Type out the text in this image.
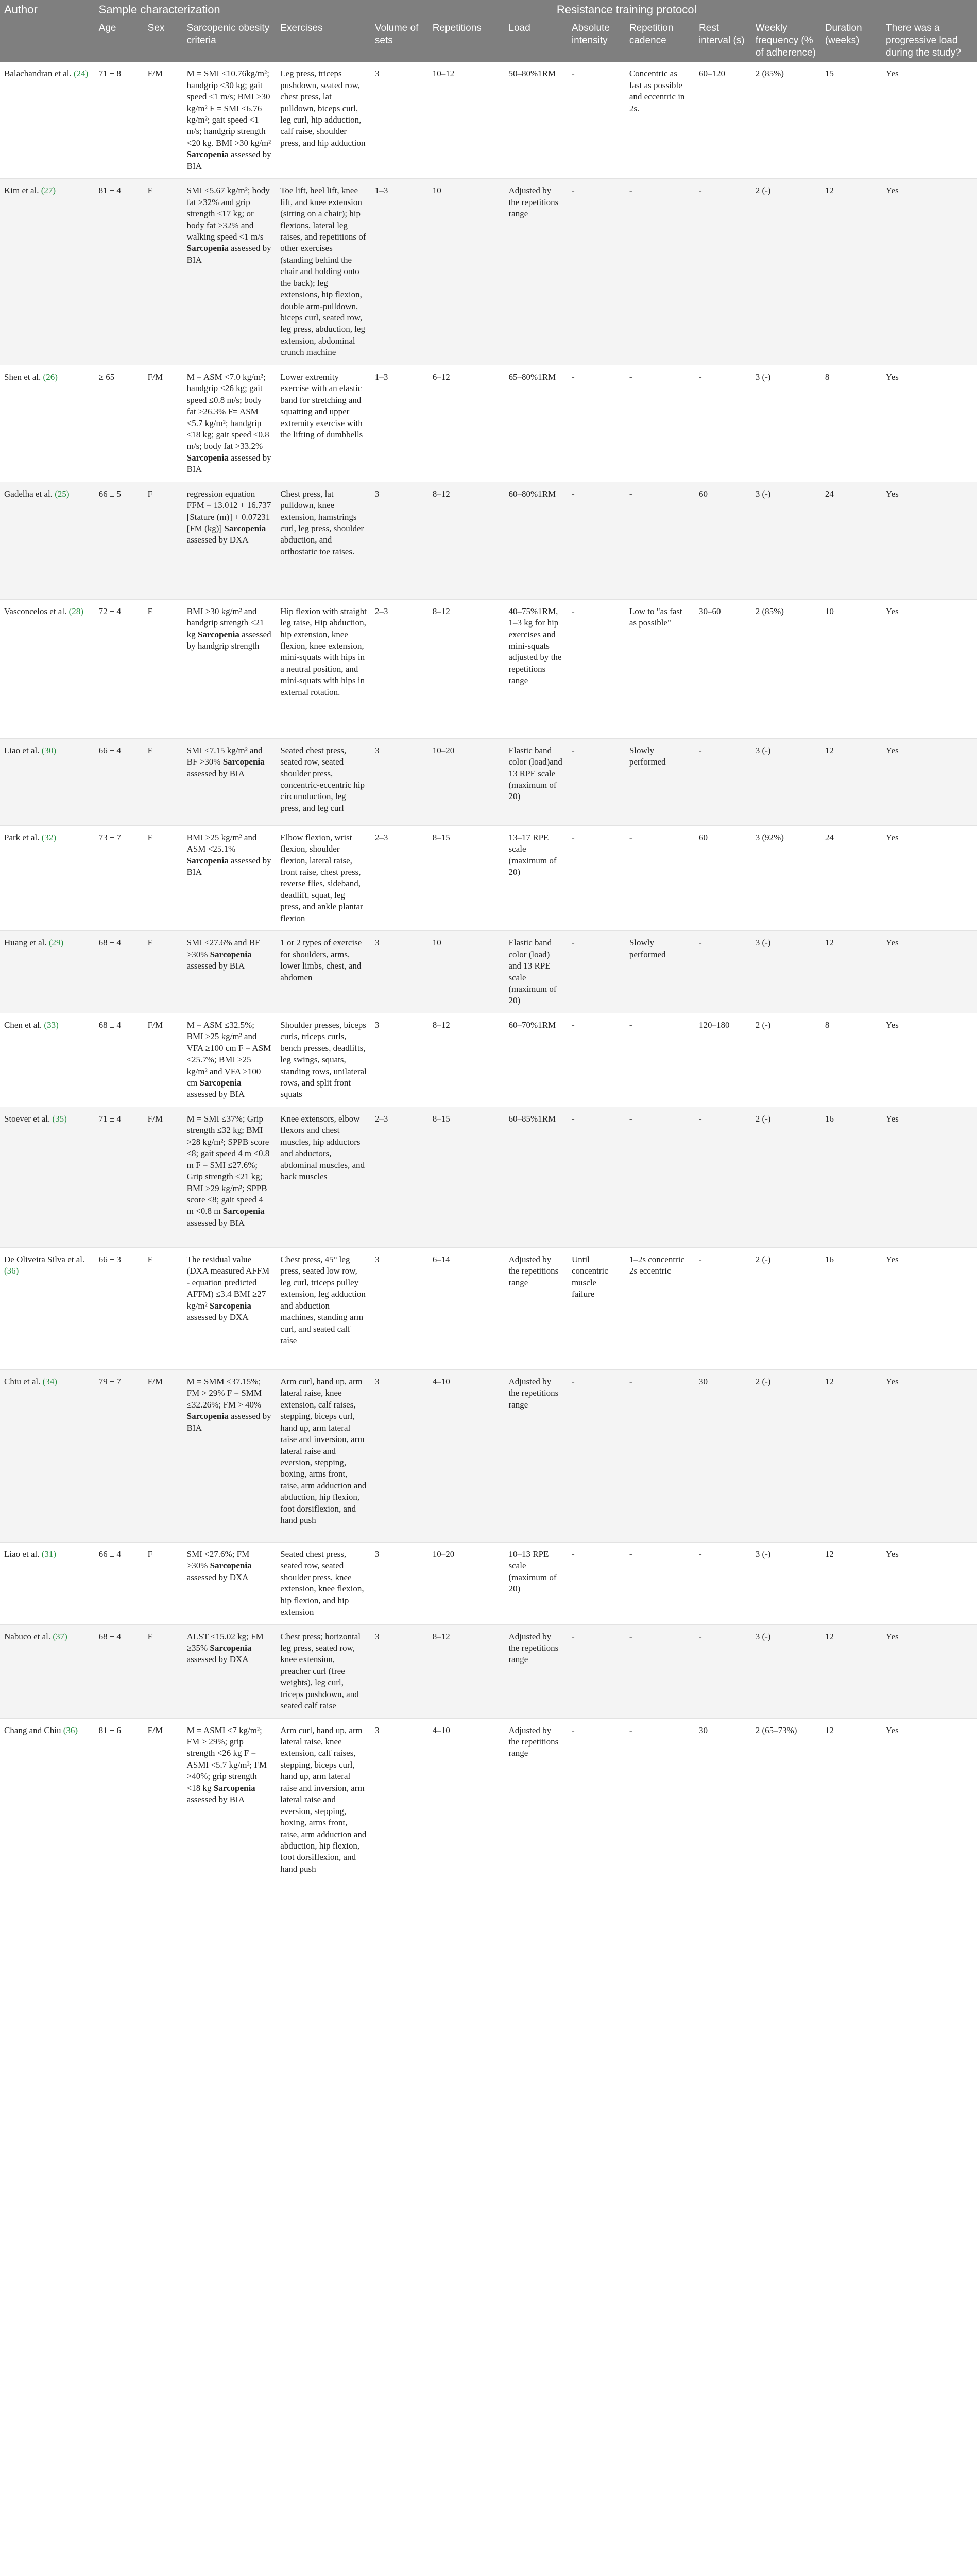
Author	Sample characterization			Resistance training protocol									
	Age	Sex	Sarcopenic obesity criteria	Exercises	Volume of sets	Repetitions	Load	Absolute intensity	Repetition cadence	Rest interval (s)	Weekly frequency (% of adherence)	Duration (weeks)	There was a progressive load during the study?
Balachandran et al. (24)	71 ± 8	F/M	M = SMI <10.76kg/m²; handgrip <30 kg; gait speed <1 m/s; BMI >30 kg/m² F = SMI <6.76 kg/m²; gait speed <1 m/s; handgrip strength <20 kg. BMI >30 kg/m² Sarcopenia assessed by BIA	Leg press, triceps pushdown, seated row, chest press, lat pulldown, biceps curl, leg curl, hip adduction, calf raise, shoulder press, and hip adduction	3	10–12	50–80%1RM	-	Concentric as fast as possible and eccentric in 2s.	60–120	2 (85%)	15	Yes
Kim et al. (27)	81 ± 4	F	SMI <5.67 kg/m²; body fat ≥32% and grip strength <17 kg; or body fat ≥32% and walking speed <1 m/s Sarcopenia assessed by BIA	Toe lift, heel lift, knee lift, and knee extension (sitting on a chair); hip flexions, lateral leg raises, and repetitions of other exercises (standing behind the chair and holding onto the back); leg extensions, hip flexion, double arm-pulldown, biceps curl, seated row, leg press, abduction, leg extension, abdominal crunch machine	1–3	10	Adjusted by the repetitions range	-	-	-	2 (-)	12	Yes
Shen et al. (26)	≥ 65	F/M	M = ASM <7.0 kg/m²; handgrip <26 kg; gait speed ≤0.8 m/s; body fat >26.3% F= ASM <5.7 kg/m²; handgrip <18 kg; gait speed ≤0.8 m/s; body fat >33.2% Sarcopenia assessed by BIA	Lower extremity exercise with an elastic band for stretching and squatting and upper extremity exercise with the lifting of dumbbells	1–3	6–12	65–80%1RM	-	-	-	3 (-)	8	Yes
Gadelha et al. (25)	66 ± 5	F	regression equation FFM = 13.012 + 16.737 [Stature (m)] + 0.07231 [FM (kg)] Sarcopenia assessed by DXA	Chest press, lat pulldown, knee extension, hamstrings curl, leg press, shoulder abduction, and orthostatic toe raises.	3	8–12	60–80%1RM	-	-	60	3 (-)	24	Yes
Vasconcelos et al. (28)	72 ± 4	F	BMI ≥30 kg/m² and handgrip strength ≤21 kg Sarcopenia assessed by handgrip strength	Hip flexion with straight leg raise, Hip abduction, hip extension, knee flexion, knee extension, mini-squats with hips in a neutral position, and mini-squats with hips in external rotation.	2–3	8–12	40–75%1RM, 1–3 kg for hip exercises and mini-squats adjusted by the repetitions range	-	Low to "as fast as possible"	30–60	2 (85%)	10	Yes
Liao et al. (30)	66 ± 4	F	SMI <7.15 kg/m² and BF >30% Sarcopenia assessed by BIA	Seated chest press, seated row, seated shoulder press, concentric-eccentric hip circumduction, leg press, and leg curl	3	10–20	Elastic band color (load)and 13 RPE scale (maximum of 20)	-	Slowly performed	-	3 (-)	12	Yes
Park et al. (32)	73 ± 7	F	BMI ≥25 kg/m² and ASM <25.1% Sarcopenia assessed by BIA	Elbow flexion, wrist flexion, shoulder flexion, lateral raise, front raise, chest press, reverse flies, sideband, deadlift, squat, leg press, and ankle plantar flexion	2–3	8–15	13–17 RPE scale (maximum of 20)	-	-	60	3 (92%)	24	Yes
Huang et al. (29)	68 ± 4	F	SMI <27.6% and BF >30% Sarcopenia assessed by BIA	1 or 2 types of exercise for shoulders, arms, lower limbs, chest, and abdomen	3	10	Elastic band color (load) and 13 RPE scale (maximum of 20)	-	Slowly performed	-	3 (-)	12	Yes
Chen et al. (33)	68 ± 4	F/M	M = ASM ≤32.5%; BMI ≥25 kg/m² and VFA ≥100 cm F = ASM ≤25.7%; BMI ≥25 kg/m² and VFA ≥100 cm Sarcopenia assessed by BIA	Shoulder presses, biceps curls, triceps curls, bench presses, deadlifts, leg swings, squats, standing rows, unilateral rows, and split front squats	3	8–12	60–70%1RM	-	-	120–180	2 (-)	8	Yes
Stoever et al. (35)	71 ± 4	F/M	M = SMI ≤37%; Grip strength ≤32 kg; BMI >28 kg/m²; SPPB score ≤8; gait speed 4 m <0.8 m F = SMI ≤27.6%; Grip strength ≤21 kg; BMI >29 kg/m²; SPPB score ≤8; gait speed 4 m <0.8 m Sarcopenia assessed by BIA	Knee extensors, elbow flexors and chest muscles, hip adductors and abductors, abdominal muscles, and back muscles	2–3	8–15	60–85%1RM	-	-	-	2 (-)	16	Yes
De Oliveira Silva et al. (36)	66 ± 3	F	The residual value (DXA measured AFFM - equation predicted AFFM) ≤3.4 BMI ≥27 kg/m² Sarcopenia assessed by DXA	Chest press, 45° leg press, seated low row, leg curl, triceps pulley extension, leg adduction and abduction machines, standing arm curl, and seated calf raise	3	6–14	Adjusted by the repetitions range	Until concentric muscle failure	1–2s concentric 2s eccentric	-	2 (-)	16	Yes
Chiu et al. (34)	79 ± 7	F/M	M = SMM ≤37.15%; FM > 29% F = SMM ≤32.26%; FM > 40% Sarcopenia assessed by BIA	Arm curl, hand up, arm lateral raise, knee extension, calf raises, stepping, biceps curl, hand up, arm lateral raise and inversion, arm lateral raise and eversion, stepping, boxing, arms front, raise, arm adduction and abduction, hip flexion, foot dorsiflexion, and hand push	3	4–10	Adjusted by the repetitions range	-	-	30	2 (-)	12	Yes
Liao et al. (31)	66 ± 4	F	SMI <27.6%; FM >30% Sarcopenia assessed by DXA	Seated chest press, seated row, seated shoulder press, knee extension, knee flexion, hip flexion, and hip extension	3	10–20	10–13 RPE scale (maximum of 20)	-	-	-	3 (-)	12	Yes
Nabuco et al. (37)	68 ± 4	F	ALST <15.02 kg; FM ≥35% Sarcopenia assessed by DXA	Chest press; horizontal leg press, seated row, knee extension, preacher curl (free weights), leg curl, triceps pushdown, and seated calf raise	3	8–12	Adjusted by the repetitions range	-	-	-	3 (-)	12	Yes
Chang and Chiu (36)	81 ± 6	F/M	M = ASMI <7 kg/m²; FM > 29%; grip strength <26 kg F = ASMI <5.7 kg/m²; FM >40%; grip strength <18 kg Sarcopenia assessed by BIA	Arm curl, hand up, arm lateral raise, knee extension, calf raises, stepping, biceps curl, hand up, arm lateral raise and inversion, arm lateral raise and eversion, stepping, boxing, arms front, raise, arm adduction and abduction, hip flexion, foot dorsiflexion, and hand push	3	4–10	Adjusted by the repetitions range	-	-	30	2 (65–73%)	12	Yes
